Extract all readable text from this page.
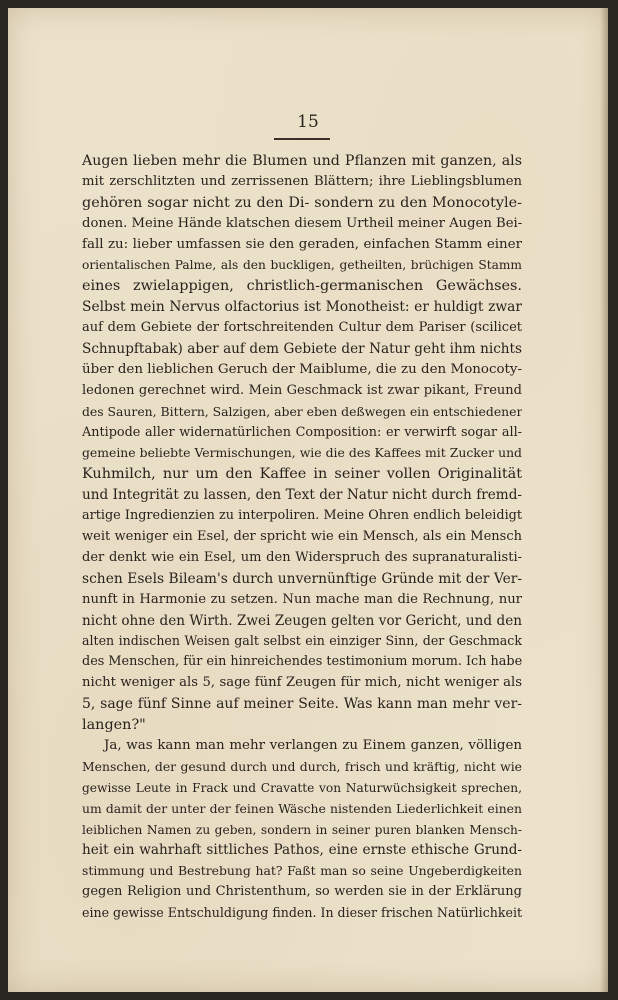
15
Augen lieben mehr die Blumen und Pflanzen mit ganzen, als
mit zerschlitzten und zerrissenen Blättern; ihre Lieblingsblumen
gehören sogar nicht zu den Di- sondern zu den Monocotyle-
donen. Meine Hände klatschen diesem Urtheil meiner Augen Bei-
fall zu: lieber umfassen sie den geraden, einfachen Stamm einer
orientalischen Palme, als den buckligen, getheilten, brüchigen Stamm
eines zwielappigen, christlich-germanischen Gewächses.
Selbst mein Nervus olfactorius ist Monotheist: er huldigt zwar
auf dem Gebiete der fortschreitenden Cultur dem Pariser (scilicet
Schnupftabak) aber auf dem Gebiete der Natur geht ihm nichts
über den lieblichen Geruch der Maiblume, die zu den Monocoty-
ledonen gerechnet wird. Mein Geschmack ist zwar pikant, Freund
des Sauren, Bittern, Salzigen, aber eben deßwegen ein entschiedener
Antipode aller widernatürlichen Composition: er verwirft sogar all-
gemeine beliebte Vermischungen, wie die des Kaffees mit Zucker und
Kuhmilch, nur um den Kaffee in seiner vollen Originalität
und Integrität zu lassen, den Text der Natur nicht durch fremd-
artige Ingredienzien zu interpoliren. Meine Ohren endlich beleidigt
weit weniger ein Esel, der spricht wie ein Mensch, als ein Mensch
der denkt wie ein Esel, um den Widerspruch des supranaturalisti-
schen Esels Bileam's durch unvernünftige Gründe mit der Ver-
nunft in Harmonie zu setzen. Nun mache man die Rechnung, nur
nicht ohne den Wirth. Zwei Zeugen gelten vor Gericht, und den
alten indischen Weisen galt selbst ein einziger Sinn, der Geschmack
des Menschen, für ein hinreichendes testimonium morum. Ich habe
nicht weniger als 5, sage fünf Zeugen für mich, nicht weniger als
5, sage fünf Sinne auf meiner Seite. Was kann man mehr ver-
langen?"
Ja, was kann man mehr verlangen zu Einem ganzen, völligen
Menschen, der gesund durch und durch, frisch und kräftig, nicht wie
gewisse Leute in Frack und Cravatte von Naturwüchsigkeit sprechen,
um damit der unter der feinen Wäsche nistenden Liederlichkeit einen
leiblichen Namen zu geben, sondern in seiner puren blanken Mensch-
heit ein wahrhaft sittliches Pathos, eine ernste ethische Grund-
stimmung und Bestrebung hat? Faßt man so seine Ungeberdigkeiten
gegen Religion und Christenthum, so werden sie in der Erklärung
eine gewisse Entschuldigung finden. In dieser frischen Natürlichkeit
